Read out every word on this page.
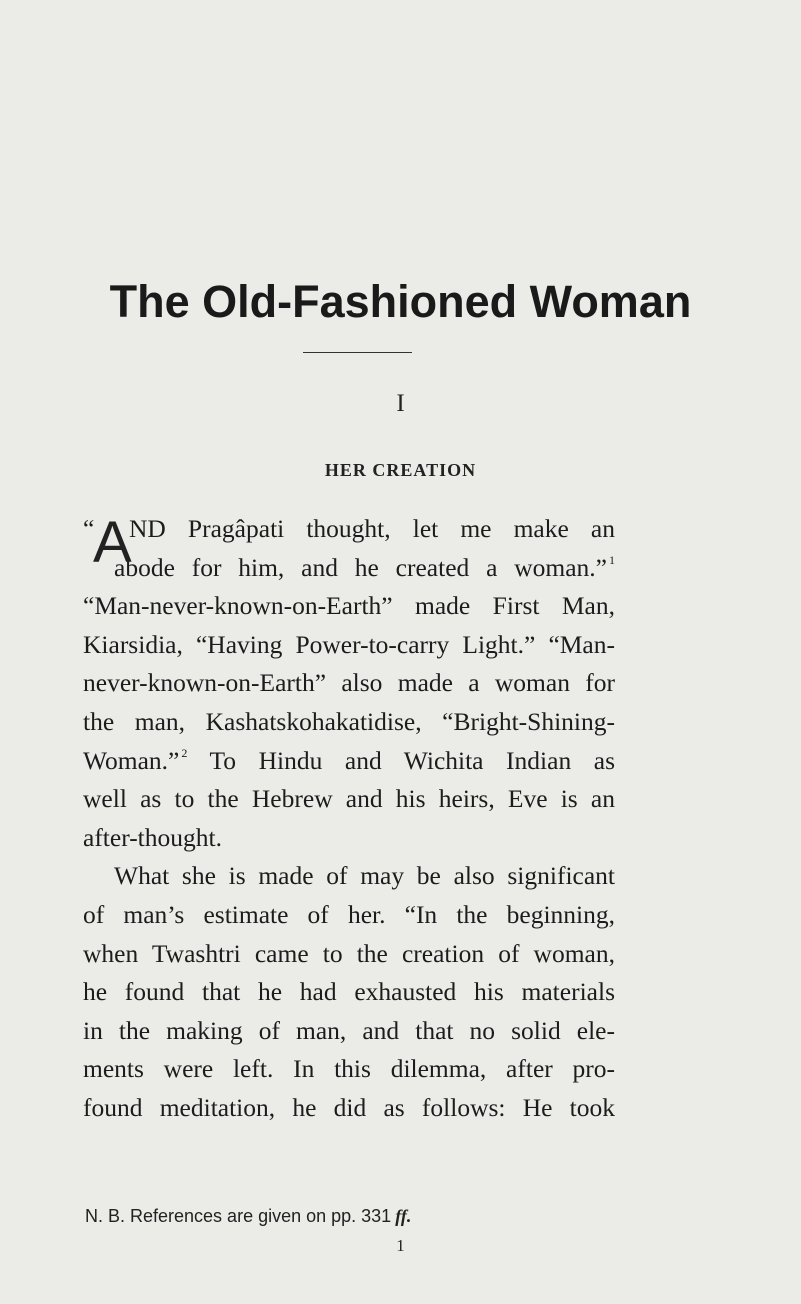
The Old-Fashioned Woman
I
HER CREATION
“
A
ND Pragâpati thought, let me make an
abode for him, and he created a woman.” $^1$
“Man-never-known-on-Earth” made First Man,
Kiarsidia, “Having Power-to-carry Light.” “Man-
never-known-on-Earth” also made a woman for
the man, Kashatskohakatidise, “Bright-Shining-
Woman.” $^2$ To Hindu and Wichita Indian as
well as to the Hebrew and his heirs, Eve is an
after-thought.
What she is made of may be also significant
of man’s estimate of her. “In the beginning,
when Twashtri came to the creation of woman,
he found that he had exhausted his materials
in the making of man, and that no solid ele-
ments were left. In this dilemma, after pro-
found meditation, he did as follows: He took
N. B. References are given on pp. 331 ff.
1
